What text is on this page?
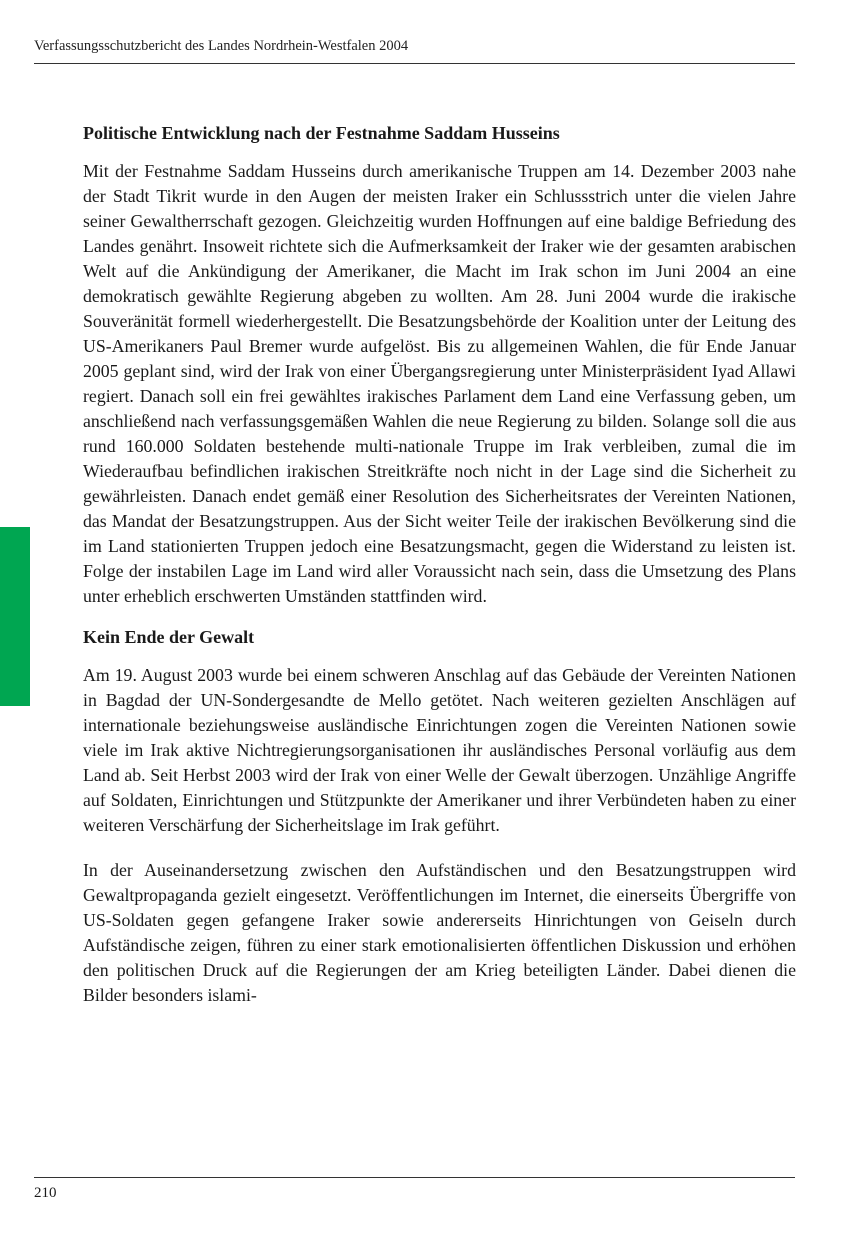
Verfassungsschutzbericht des Landes Nordrhein-Westfalen 2004
Politische Entwicklung nach der Festnahme Saddam Husseins

Mit der Festnahme Saddam Husseins durch amerikanische Truppen am 14. Dezember 2003 nahe der Stadt Tikrit wurde in den Augen der meisten Iraker ein Schlussstrich unter die vielen Jahre seiner Gewaltherrschaft gezogen. Gleichzeitig wurden Hoffnungen auf eine baldige Befriedung des Landes genährt. Insoweit richtete sich die Aufmerksamkeit der Iraker wie der gesamten arabischen Welt auf die Ankündigung der Amerikaner, die Macht im Irak schon im Juni 2004 an eine demokratisch gewählte Regierung abgeben zu wollten. Am 28. Juni 2004 wurde die irakische Souveränität formell wiederhergestellt. Die Besatzungsbehörde der Koalition unter der Leitung des US-Amerikaners Paul Bremer wurde aufgelöst. Bis zu allgemeinen Wahlen, die für Ende Januar 2005 geplant sind, wird der Irak von einer Übergangsregierung unter Ministerpräsident Iyad Allawi regiert. Danach soll ein frei gewähltes irakisches Parlament dem Land eine Verfassung geben, um anschließend nach verfassungsgemäßen Wahlen die neue Regierung zu bilden. Solange soll die aus rund 160.000 Soldaten bestehende multi-nationale Truppe im Irak verbleiben, zumal die im Wiederaufbau befindlichen irakischen Streitkräfte noch nicht in der Lage sind die Sicherheit zu gewährleisten. Danach endet gemäß einer Resolution des Sicherheitsrates der Vereinten Nationen, das Mandat der Besatzungstruppen. Aus der Sicht weiter Teile der irakischen Bevölkerung sind die im Land stationierten Truppen jedoch eine Besatzungsmacht, gegen die Widerstand zu leisten ist. Folge der instabilen Lage im Land wird aller Voraussicht nach sein, dass die Umsetzung des Plans unter erheblich erschwerten Umständen stattfinden wird.

Kein Ende der Gewalt

Am 19. August 2003 wurde bei einem schweren Anschlag auf das Gebäude der Vereinten Nationen in Bagdad der UN-Sondergesandte de Mello getötet. Nach weiteren gezielten Anschlägen auf internationale beziehungsweise ausländische Einrichtungen zogen die Vereinten Nationen sowie viele im Irak aktive Nichtregierungsorganisationen ihr ausländisches Personal vorläufig aus dem Land ab. Seit Herbst 2003 wird der Irak von einer Welle der Gewalt überzogen. Unzählige Angriffe auf Soldaten, Einrichtungen und Stützpunkte der Amerikaner und ihrer Verbündeten haben zu einer weiteren Verschärfung der Sicherheitslage im Irak geführt.

In der Auseinandersetzung zwischen den Aufständischen und den Besatzungstruppen wird Gewaltpropaganda gezielt eingesetzt. Veröffentlichungen im Internet, die einerseits Übergriffe von US-Soldaten gegen gefangene Iraker sowie andererseits Hinrichtungen von Geiseln durch Aufständische zeigen, führen zu einer stark emotionalisierten öffentlichen Diskussion und erhöhen den politischen Druck auf die Regierungen der am Krieg beteiligten Länder. Dabei dienen die Bilder besonders islami-

210
